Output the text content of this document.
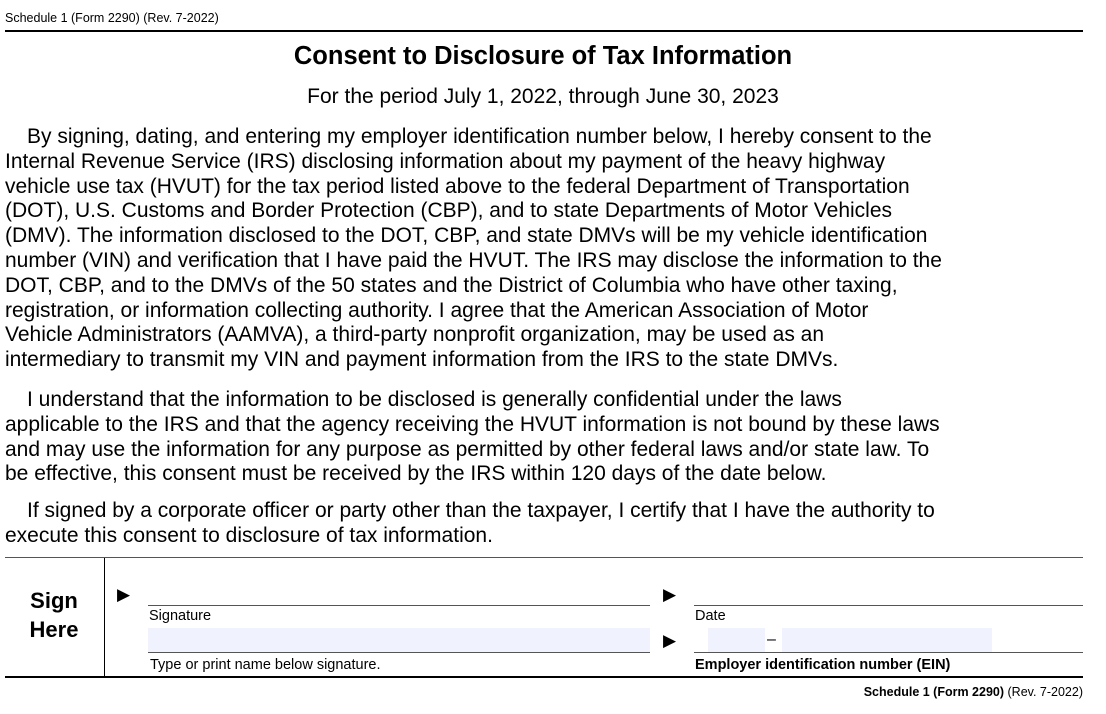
Schedule 1 (Form 2290) (Rev. 7-2022)
Consent to Disclosure of Tax Information
For the period July 1, 2022, through June 30, 2023
By signing, dating, and entering my employer identification number below, I hereby consent to the
Internal Revenue Service (IRS) disclosing information about my payment of the heavy highway
vehicle use tax (HVUT) for the tax period listed above to the federal Department of Transportation
(DOT), U.S. Customs and Border Protection (CBP), and to state Departments of Motor Vehicles
(DMV). The information disclosed to the DOT, CBP, and state DMVs will be my vehicle identification
number (VIN) and verification that I have paid the HVUT. The IRS may disclose the information to the
DOT, CBP, and to the DMVs of the 50 states and the District of Columbia who have other taxing,
registration, or information collecting authority. I agree that the American Association of Motor
Vehicle Administrators (AAMVA), a third-party nonprofit organization, may be used as an
intermediary to transmit my VIN and payment information from the IRS to the state DMVs.
I understand that the information to be disclosed is generally confidential under the laws
applicable to the IRS and that the agency receiving the HVUT information is not bound by these laws
and may use the information for any purpose as permitted by other federal laws and/or state law. To
be effective, this consent must be received by the IRS within 120 days of the date below.
If signed by a corporate officer or party other than the taxpayer, I certify that I have the authority to
execute this consent to disclosure of tax information.
Sign
Here
▶	▶
▶
Signature	Date
Type or print name below signature.
–
Employer identification number (EIN)
Schedule 1 (Form 2290) (Rev. 7-2022)
